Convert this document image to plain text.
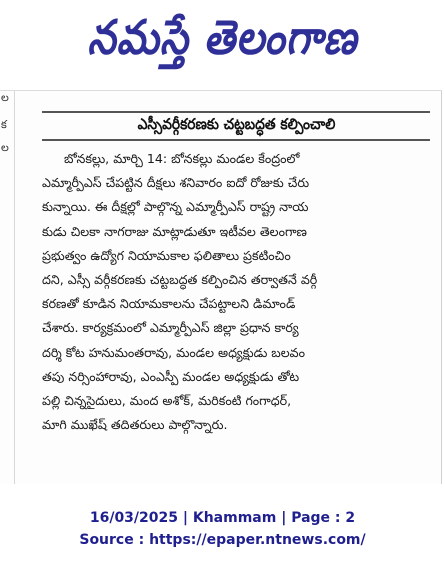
నమస్తే తెలంగాణ
ల
క
ల
ఎస్సీవర్గీకరణకు చట్టబద్ధత కల్పించాలి
బోనకల్లు, మార్చి 14: బోనకల్లు మండల కేంద్రంలో
ఎమ్మార్పీఎస్ చేపట్టిన దీక్షలు శనివారం ఐదో రోజుకు చేరు
కున్నాయి. ఈ దీక్షల్లో పాల్గొన్న ఎమ్మార్పీఎస్ రాష్ట్ర నాయ
కుడు చిలకా నాగరాజు మాట్లాడుతూ ఇటీవల తెలంగాణ
ప్రభుత్వం ఉద్యోగ నియామకాల ఫలితాలు ప్రకటించిం
దని, ఎస్సీ వర్గీకరణకు చట్టబద్ధత కల్పించిన తర్వాతనే వర్గీ
కరణతో కూడిన నియామకాలను చేపట్టాలని డిమాండ్
చేశారు. కార్యక్రమంలో ఎమ్మార్పీఎస్ జిల్లా ప్రధాన కార్య
దర్శి కోట హనుమంతరావు, మండల అధ్యక్షుడు బలవం
తపు నర్సింహారావు, ఎంఎస్పీ మండల అధ్యక్షుడు తోట
పల్లి చిన్నసైదులు, మంద అశోక్, మరికంటి గంగాధర్,
మాగి ముఖేష్ తదితరులు పాల్గొన్నారు.
16/03/2025 | Khammam | Page : 2
Source : https://epaper.ntnews.com/
